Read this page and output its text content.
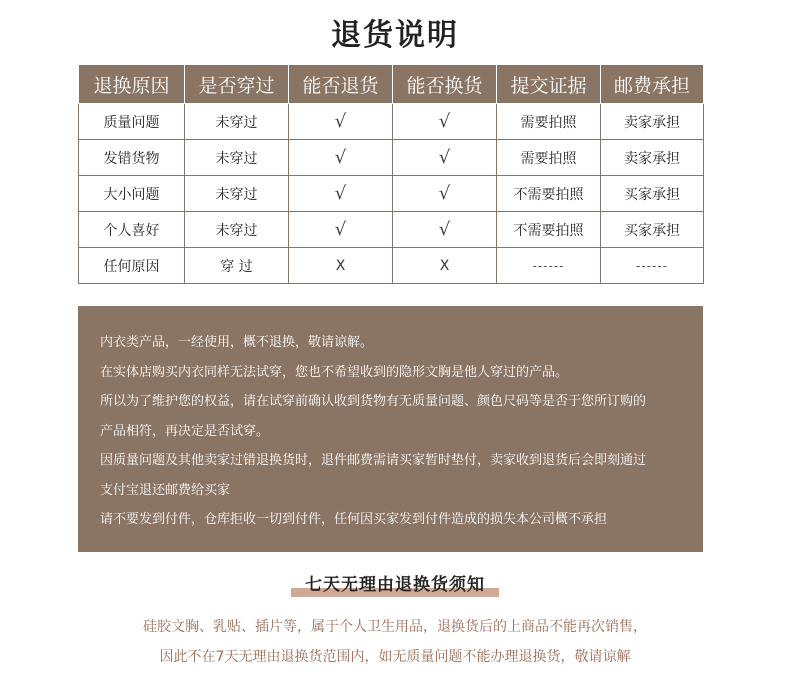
退货说明
退换原因	是否穿过	能否退货	能否换货	提交证据	邮费承担
质量问题	未穿过	√	√	需要拍照	卖家承担
发错货物	未穿过	√	√	需要拍照	卖家承担
大小问题	未穿过	√	√	不需要拍照	买家承担
个人喜好	未穿过	√	√	不需要拍照	买家承担
任何原因	穿 过	X	X	------	------

内衣类产品，一经使用，概不退换，敬请谅解。

在实体店购买内衣同样无法试穿，您也不希望收到的隐形文胸是他人穿过的产品。

所以为了维护您的权益，请在试穿前确认收到货物有无质量问题、颜色尺码等是否于您所订购的

产品相符，再决定是否试穿。

因质量问题及其他卖家过错退换货时，退件邮费需请买家暂时垫付，卖家收到退货后会即刻通过

支付宝退还邮费给买家

请不要发到付件，仓库拒收一切到付件，任何因买家发到付件造成的损失本公司概不承担

七天无理由退换货须知

硅胶文胸、乳贴、插片等，属于个人卫生用品，退换货后的上商品不能再次销售，

因此不在7天无理由退换货范围内，如无质量问题不能办理退换货，敬请谅解
